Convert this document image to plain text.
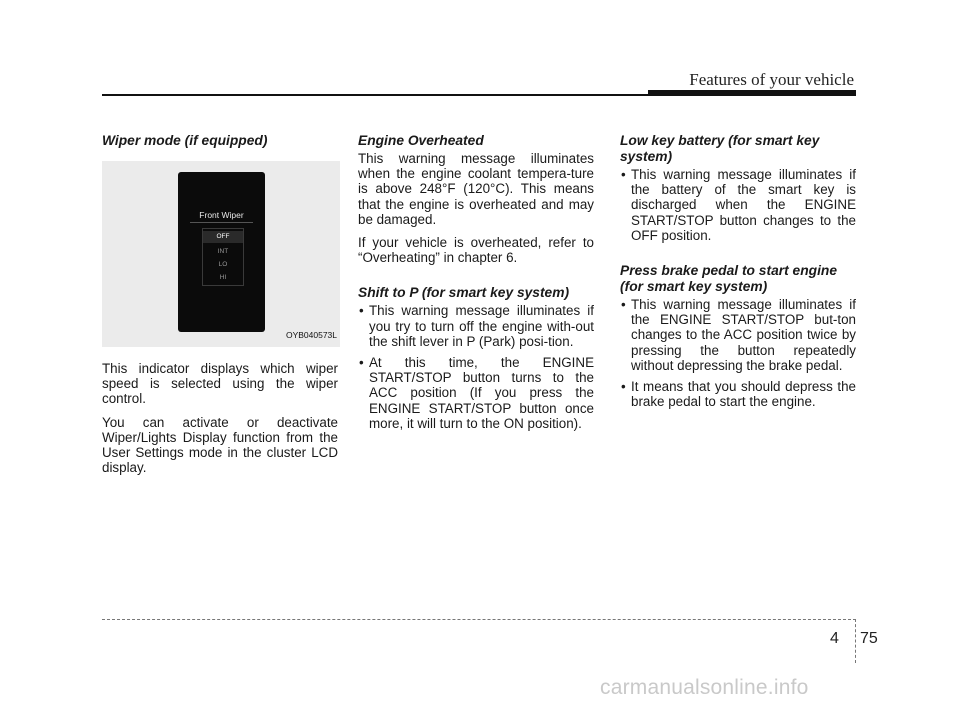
Features of your vehicle
Wiper mode (if equipped)
Front Wiper
OFF
INT
LO
HI
OYB040573L

This indicator displays which wiper speed is selected using the wiper control.

You can activate or deactivate Wiper/Lights Display function from the User Settings mode in the cluster LCD display.

Engine Overheated

This warning message illuminates when the engine coolant tempera-ture is above 248°F (120°C). This means that the engine is overheated and may be damaged.

If your vehicle is overheated, refer to “Overheating” in chapter 6.

Shift to P (for smart key system)
• This warning message illuminates if you try to turn off the engine with-out the shift lever in P (Park) posi-tion.
• At this time, the ENGINE START/STOP button turns to the ACC position (If you press the ENGINE START/STOP button once more, it will turn to the ON position).
Low key battery (for smart key system)
• This warning message illuminates if the battery of the smart key is discharged when the ENGINE START/STOP button changes to the OFF position.
Press brake pedal to start engine (for smart key system)
• This warning message illuminates if the ENGINE START/STOP but-ton changes to the ACC position twice by pressing the button repeatedly without depressing the brake pedal.
• It means that you should depress the brake pedal to start the engine.
4 75
carmanualsonline.info
